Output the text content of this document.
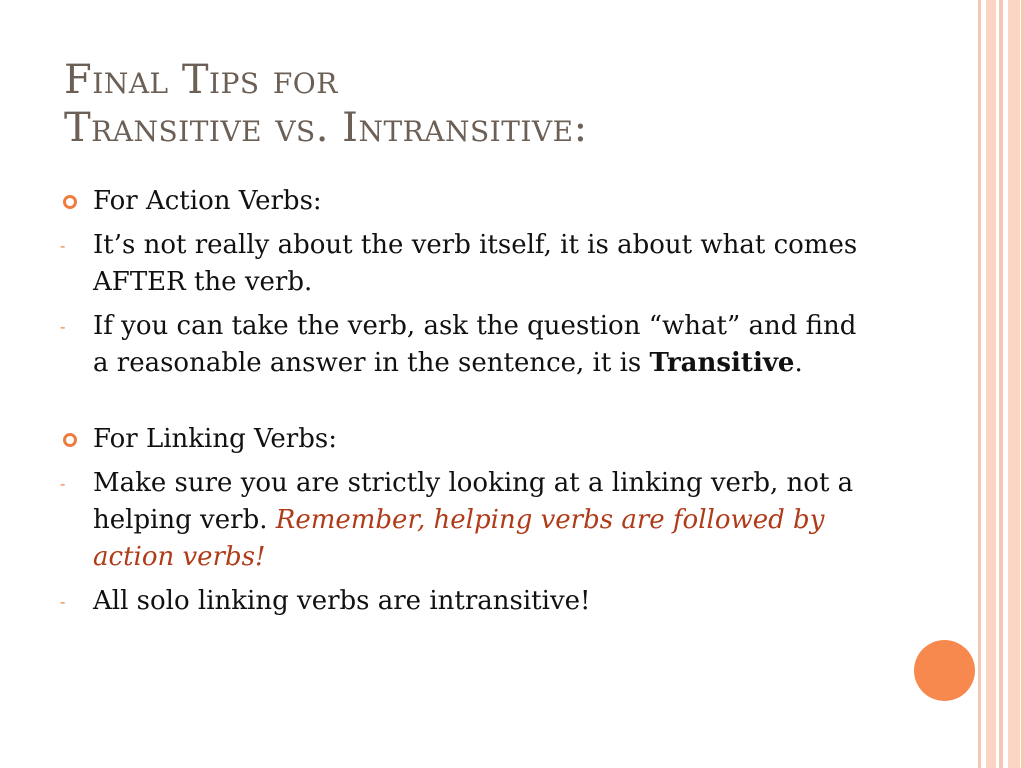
Final Tips for
Transitive vs. Intransitive:

For Action Verbs:

- It’s not really about the verb itself, it is about what comes AFTER the verb.

- If you can take the verb, ask the question “what” and find a reasonable answer in the sentence, it is Transitive.

For Linking Verbs:

- Make sure you are strictly looking at a linking verb, not a helping verb. Remember, helping verbs are followed by action verbs!

- All solo linking verbs are intransitive!
